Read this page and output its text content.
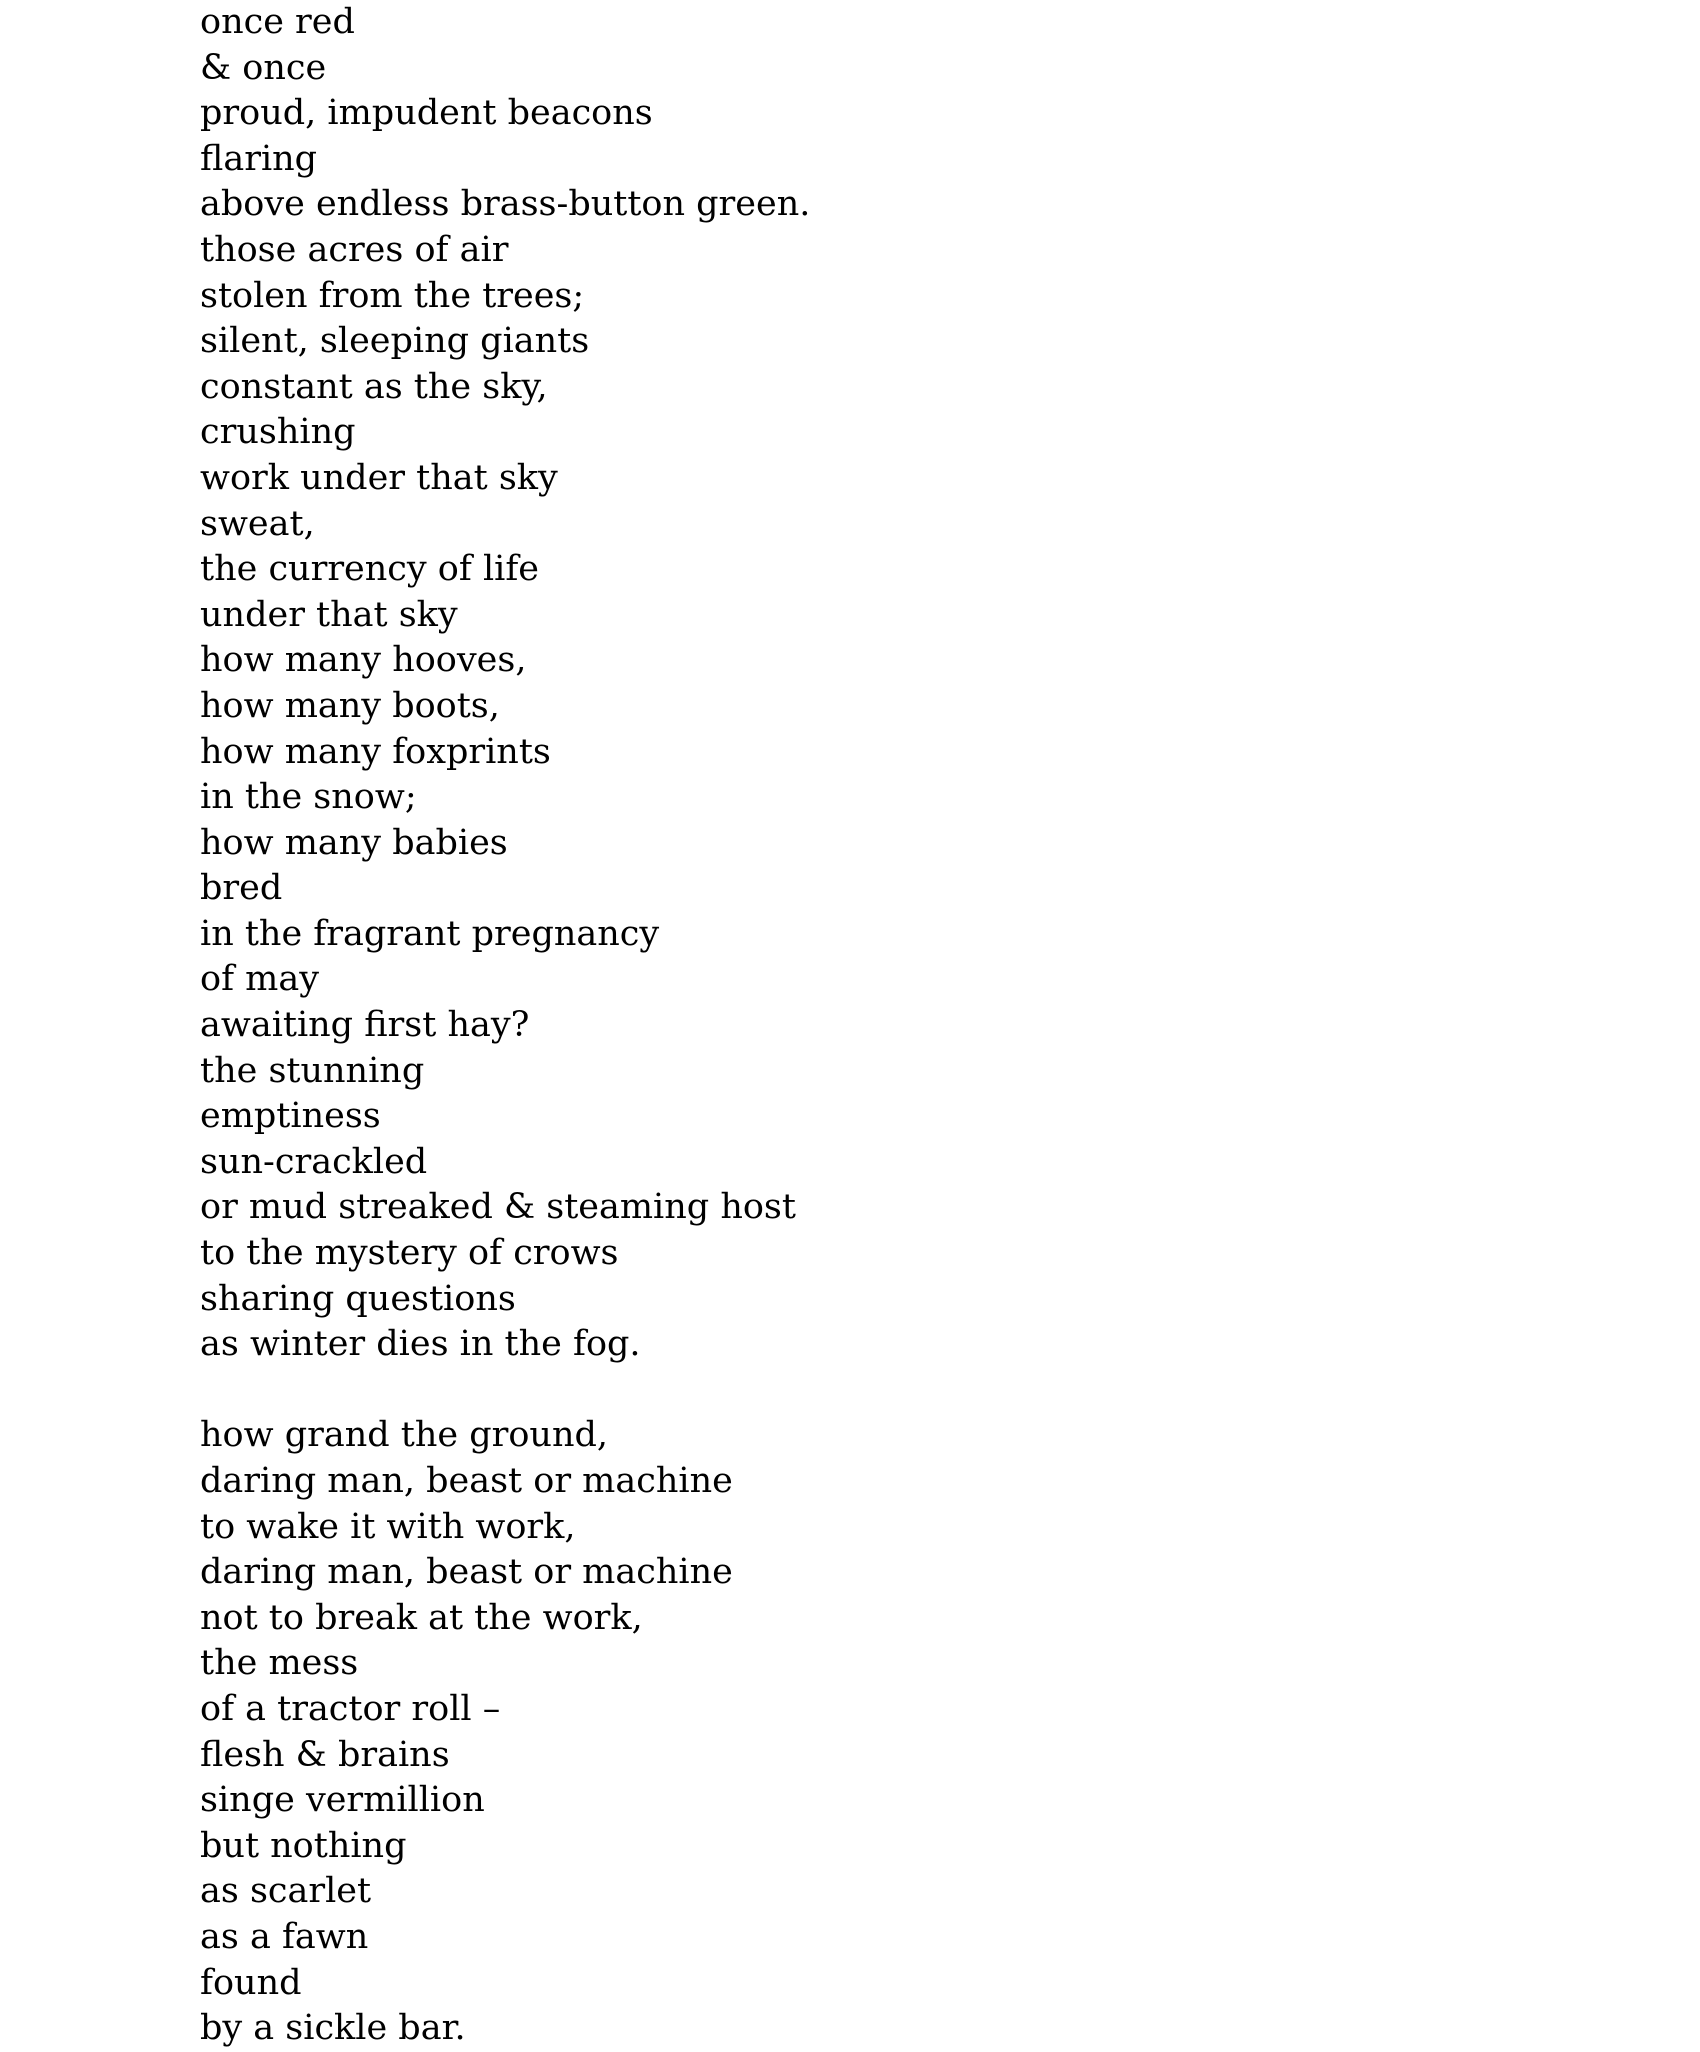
once red
& once
proud, impudent beacons
flaring
above endless brass-button green.
those acres of air
stolen from the trees;
silent, sleeping giants
constant as the sky,
crushing
work under that sky
sweat,
the currency of life
under that sky
how many hooves,
how many boots,
how many foxprints
in the snow;
how many babies
bred
in the fragrant pregnancy
of may
awaiting first hay?
the stunning
emptiness
sun-crackled
or mud streaked & steaming host
to the mystery of crows
sharing questions
as winter dies in the fog.
how grand the ground,
daring man, beast or machine
to wake it with work,
daring man, beast or machine
not to break at the work,
the mess
of a tractor roll –
flesh & brains
singe vermillion
but nothing
as scarlet
as a fawn
found
by a sickle bar.
